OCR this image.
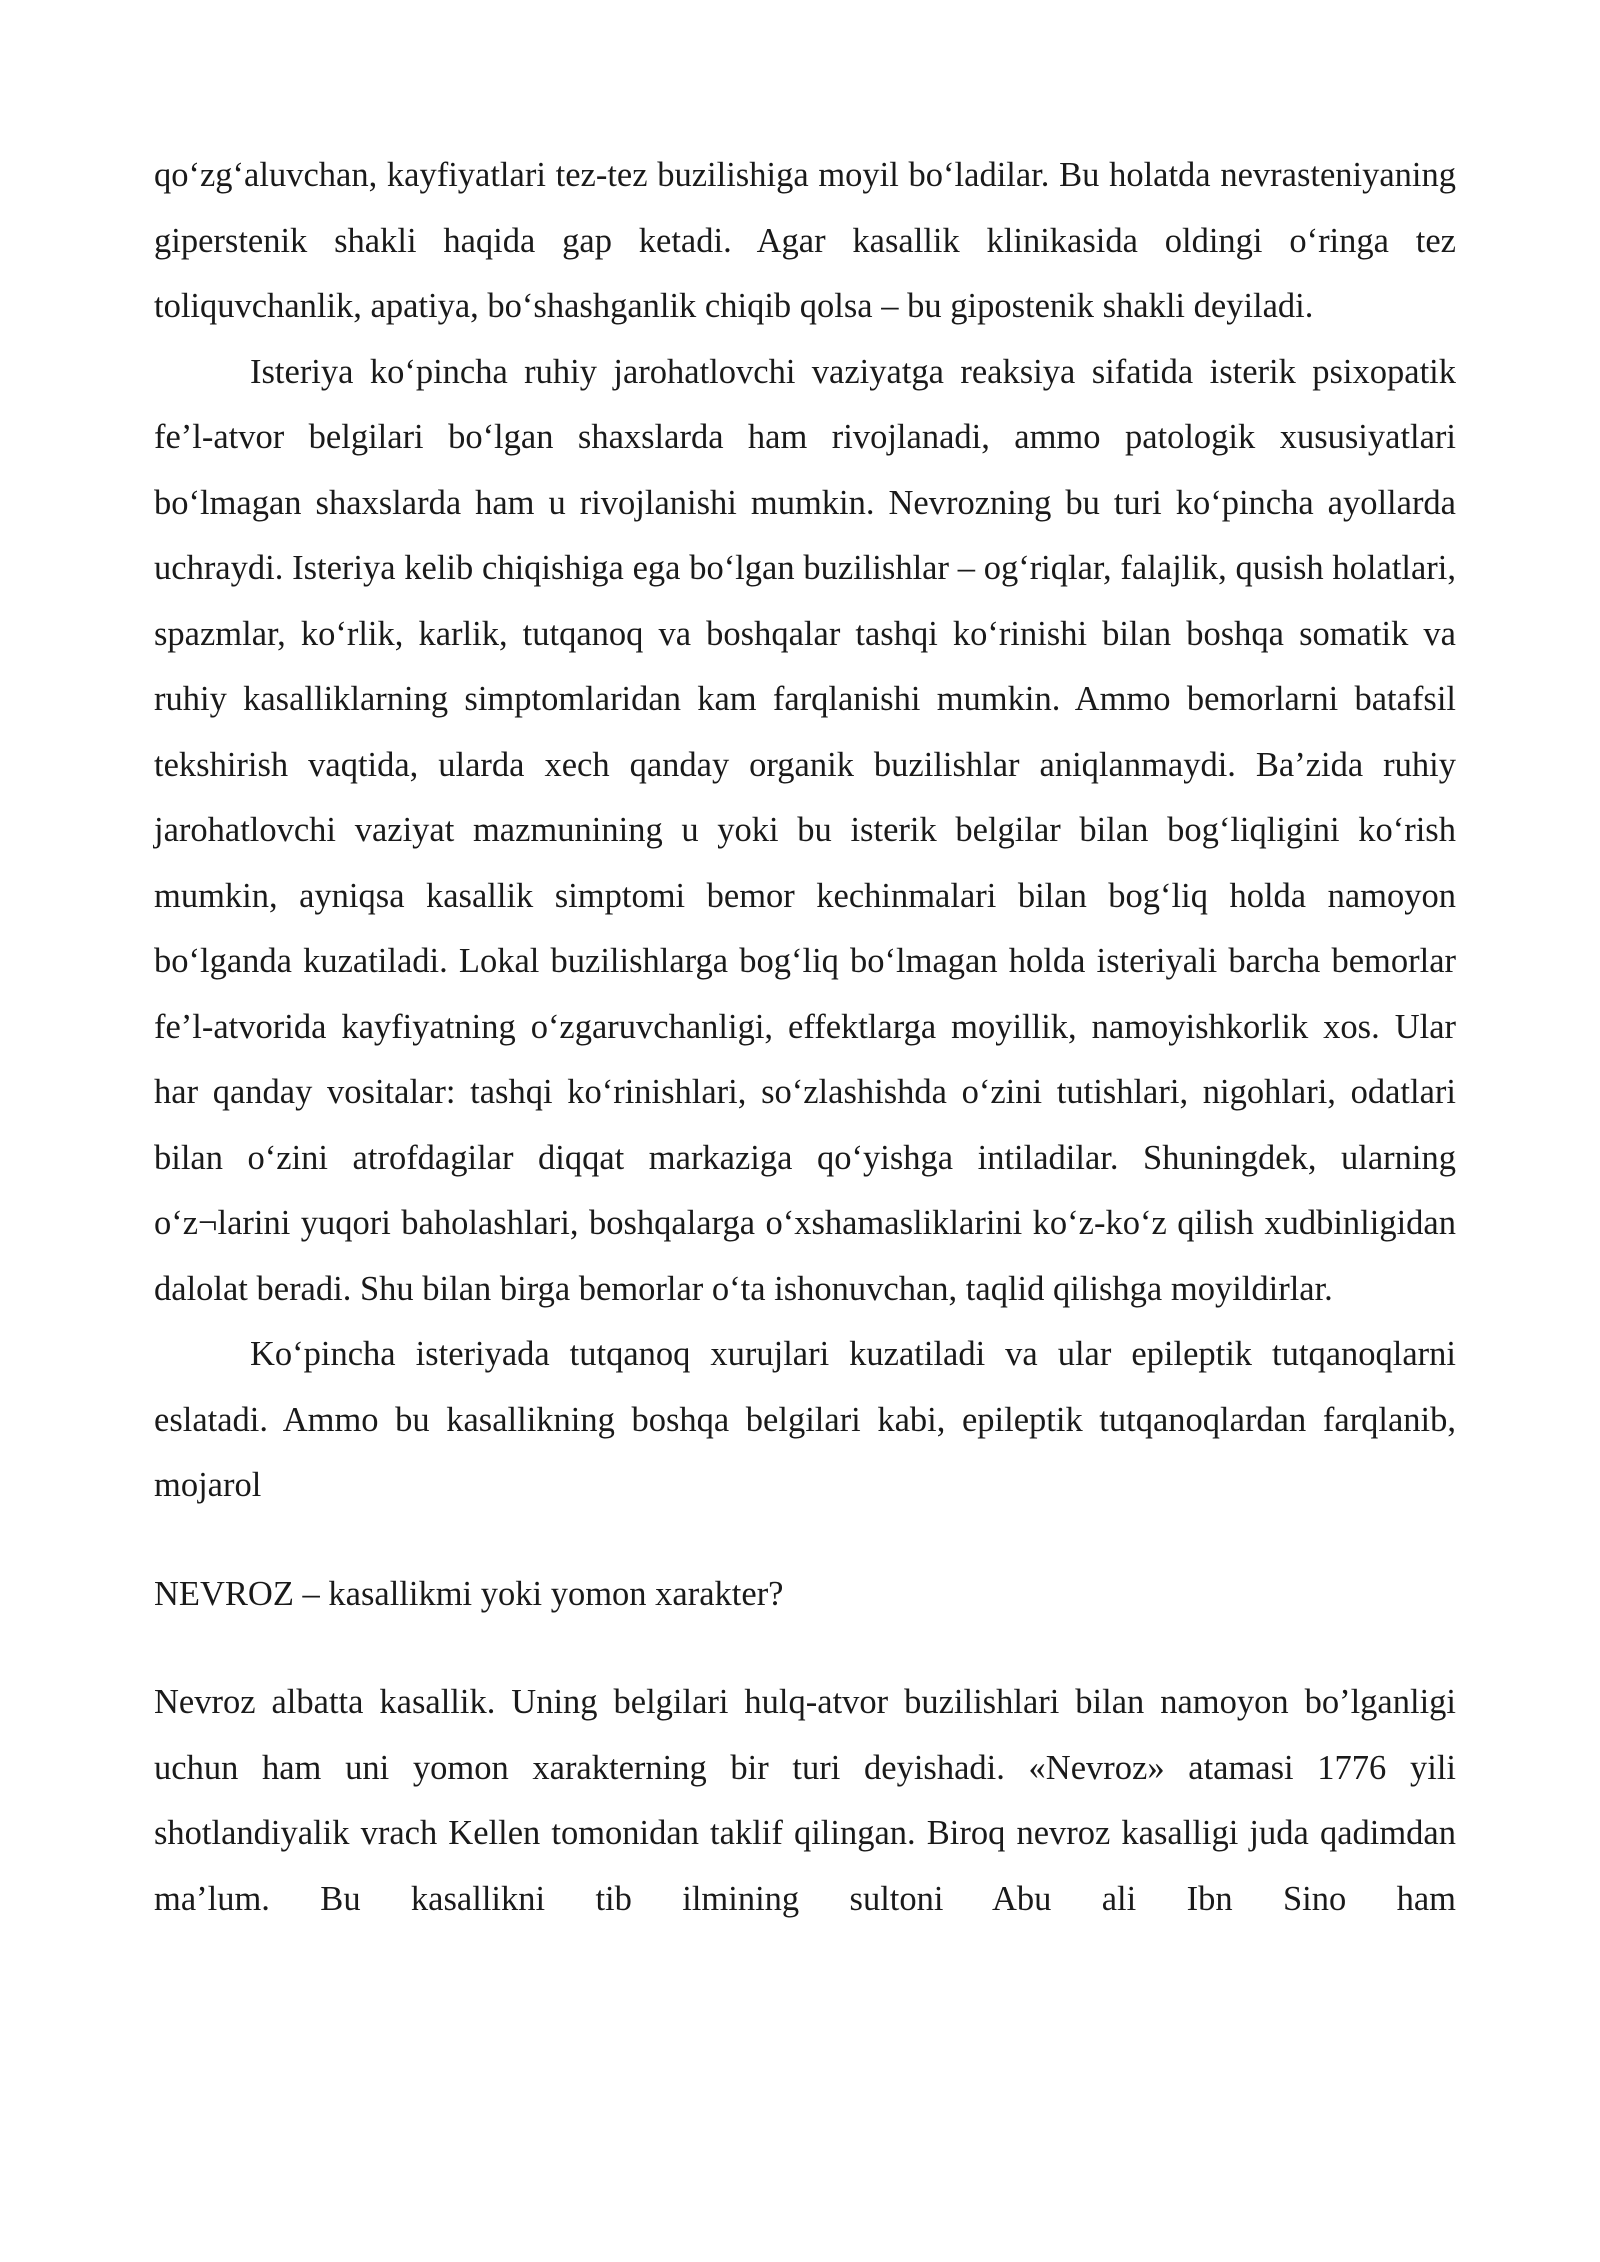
qo‘zg‘aluvchan, kayfiyatlari tez-tez buzilishiga moyil bo‘ladilar. Bu holatda nevrasteniyaning giperstenik shakli haqida gap ketadi. Agar kasallik klinikasida oldingi o‘ringa tez toliquvchanlik, apatiya, bo‘shashganlik chiqib qolsa – bu gipostenik shakli deyiladi.

Isteriya ko‘pincha ruhiy jarohatlovchi vaziyatga reaksiya sifatida isterik psixopatik fe’l-atvor belgilari bo‘lgan shaxslarda ham rivojlanadi, ammo patologik xususiyatlari bo‘lmagan shaxslarda ham u rivojlanishi mumkin. Nevrozning bu turi ko‘pincha ayollarda uchraydi. Isteriya kelib chiqishiga ega bo‘lgan buzilishlar – og‘riqlar, falajlik, qusish holatlari, spazmlar, ko‘rlik, karlik, tutqanoq va boshqalar tashqi ko‘rinishi bilan boshqa somatik va ruhiy kasalliklarning simptomlaridan kam farqlanishi mumkin. Ammo bemorlarni batafsil tekshirish vaqtida, ularda xech qanday organik buzilishlar aniqlanmaydi. Ba’zida ruhiy jarohatlovchi vaziyat mazmunining u yoki bu isterik belgilar bilan bog‘liqligini ko‘rish mumkin, ayniqsa kasallik simptomi bemor kechinmalari bilan bog‘liq holda namoyon bo‘lganda kuzatiladi. Lokal buzilishlarga bog‘liq bo‘lmagan holda isteriyali barcha bemorlar fe’l-atvorida kayfiyatning o‘zgaruvchanligi, effektlarga moyillik, namoyishkorlik xos. Ular har qanday vositalar: tashqi ko‘rinishlari, so‘zlashishda o‘zini tutishlari, nigohlari, odatlari bilan o‘zini atrofdagilar diqqat markaziga qo‘yishga intiladilar. Shuningdek, ularning o‘z¬larini yuqori baholashlari, boshqalarga o‘xshamasliklarini ko‘z-ko‘z qilish xudbinligidan dalolat beradi. Shu bilan birga bemorlar o‘ta ishonuvchan, taqlid qilishga moyildirlar.

Ko‘pincha isteriyada tutqanoq xurujlari kuzatiladi va ular epileptik tutqanoqlarni eslatadi. Ammo bu kasallikning boshqa belgilari kabi, epileptik tutqanoqlardan farqlanib, mojarol

NEVROZ – kasallikmi yoki yomon xarakter?

Nevroz albatta kasallik. Uning belgilari hulq-atvor buzilishlari bilan namoyon bo’lganligi uchun ham uni yomon xarakterning bir turi deyishadi. «Nevroz» atamasi 1776 yili shotlandiyalik vrach Kellen tomonidan taklif qilingan. Biroq nevroz kasalligi juda qadimdan ma’lum. Bu kasallikni tib ilmining sultoni Abu ali Ibn Sino ham
